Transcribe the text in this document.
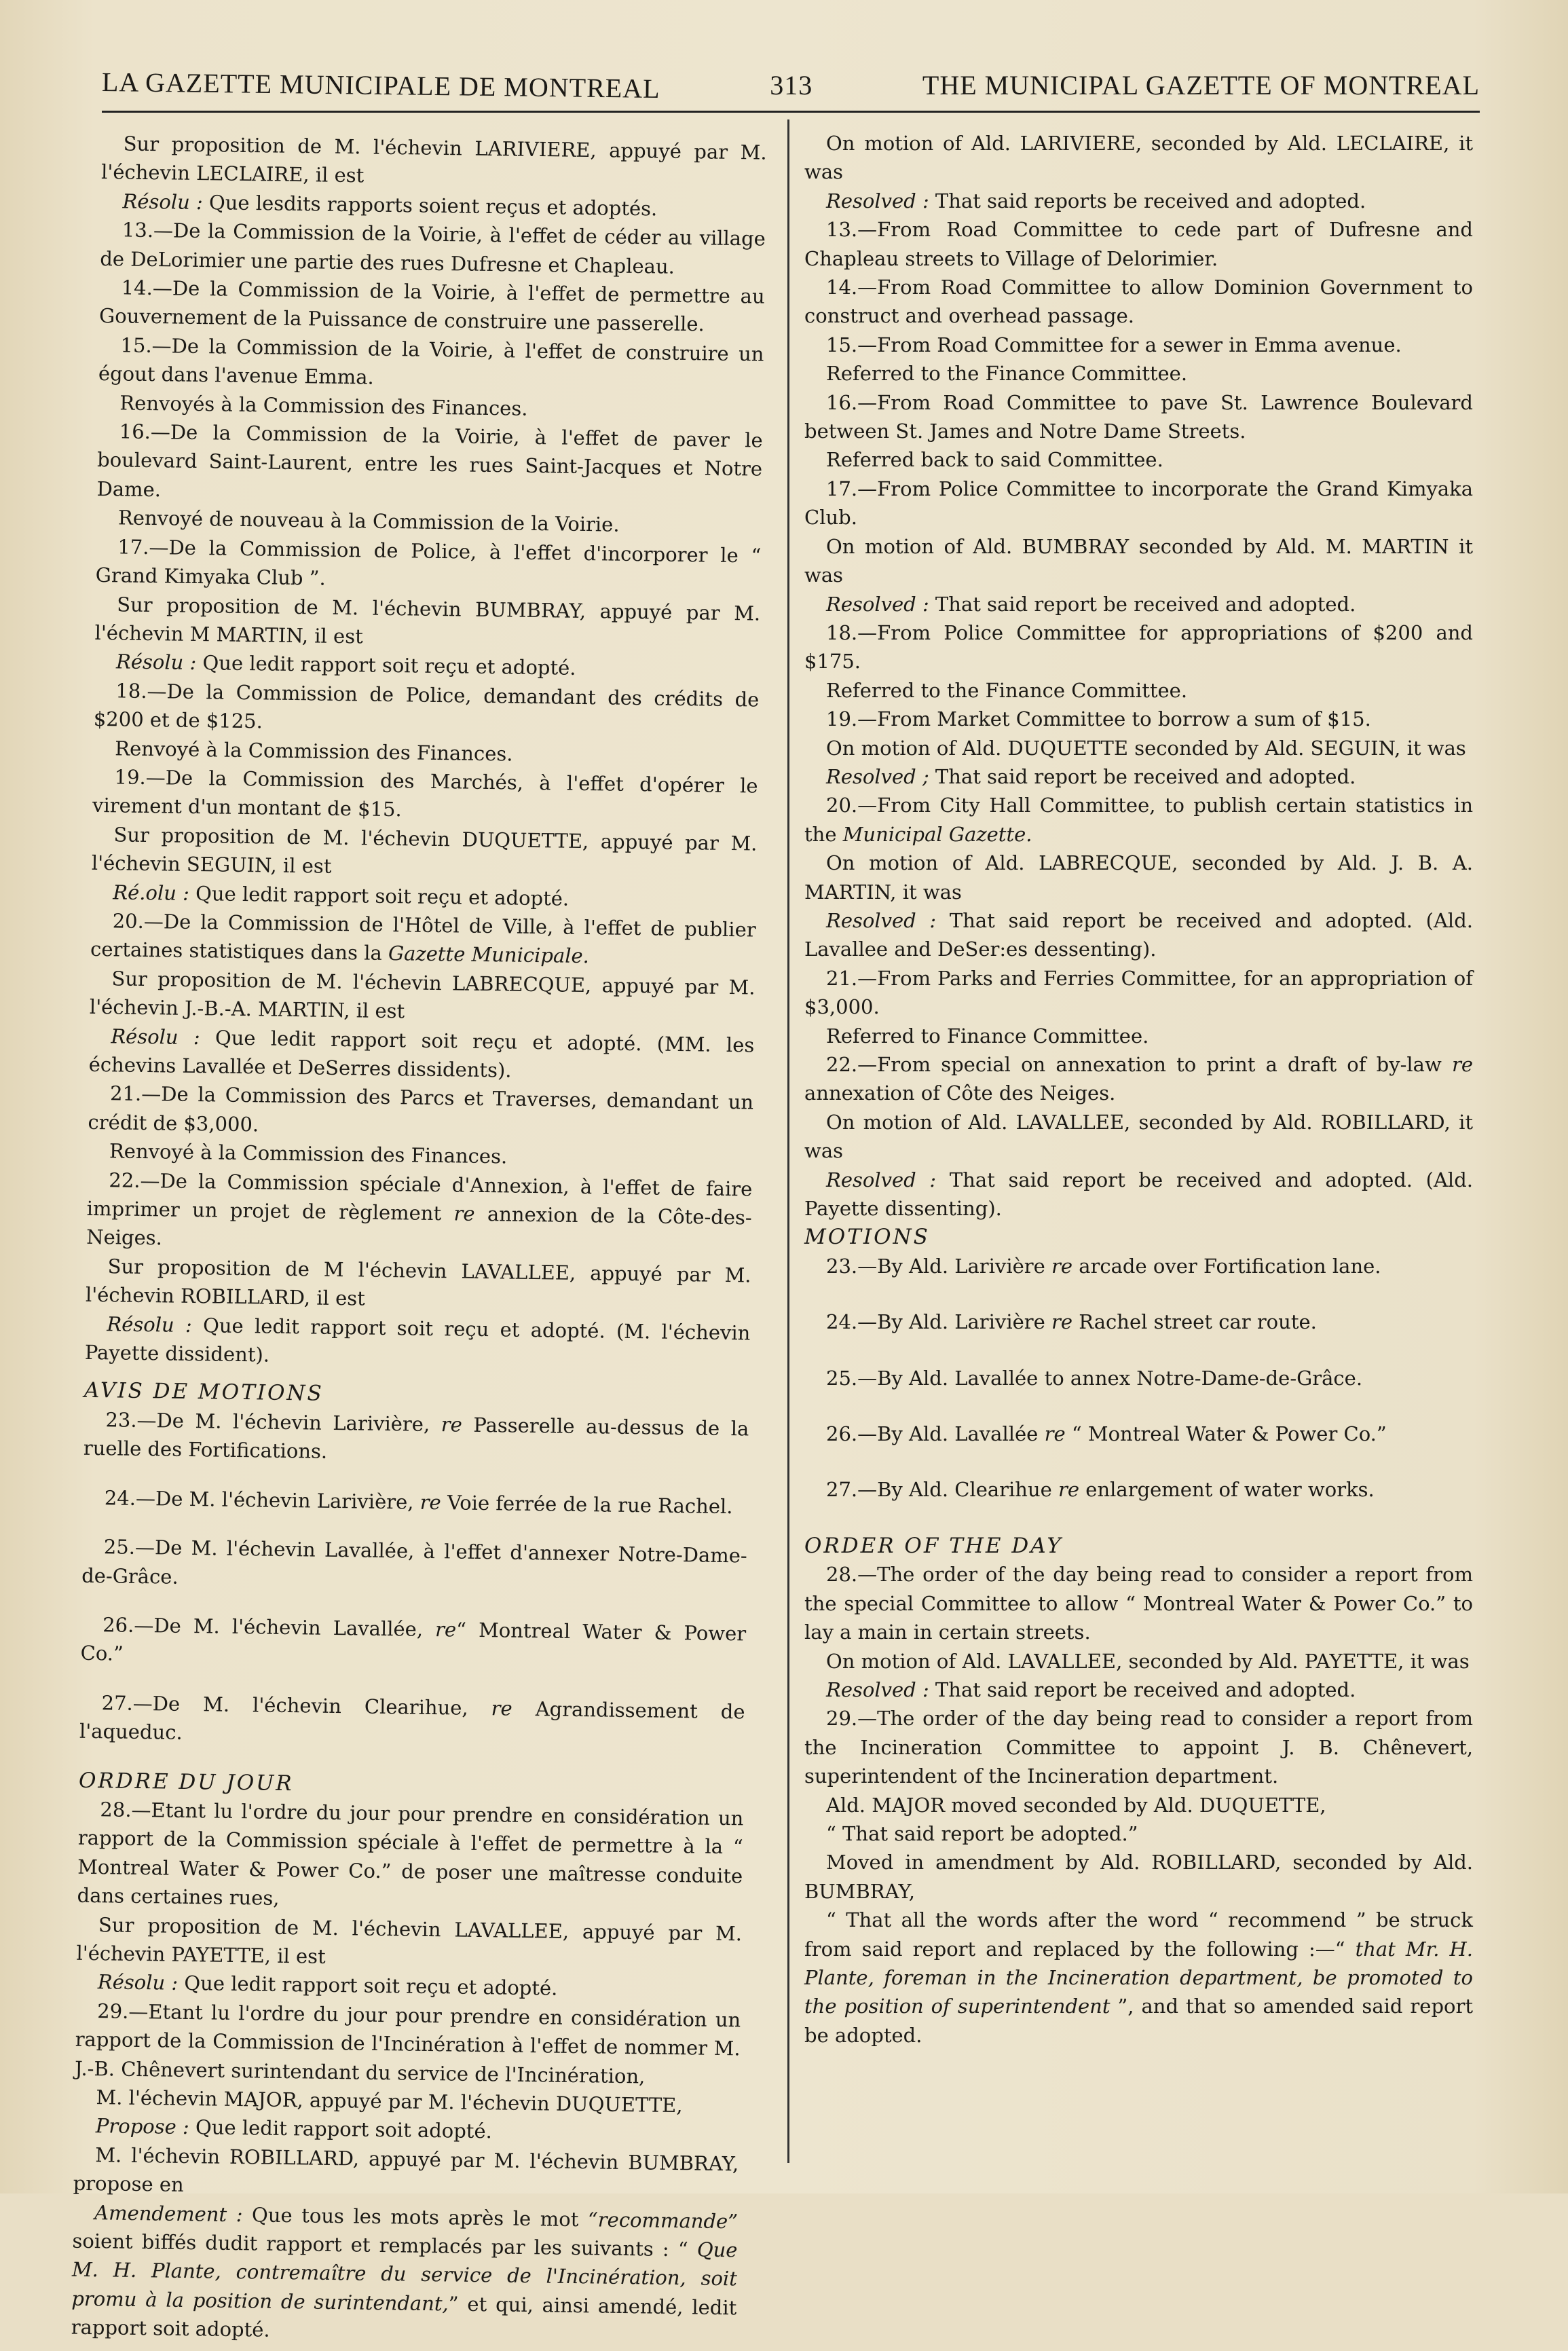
LA GAZETTE MUNICIPALE DE MONTREAL	313	THE MUNICIPAL GAZETTE OF MONTREAL

Sur proposition de M. l'échevin LARIVIERE, appuyé par M. l'échevin LECLAIRE, il est

Résolu : Que lesdits rapports soient reçus et adoptés.

13.—De la Commission de la Voirie, à l'effet de céder au village de DeLorimier une partie des rues Dufresne et Chapleau.

14.—De la Commission de la Voirie, à l'effet de permettre au Gouvernement de la Puissance de construire une passerelle.

15.—De la Commission de la Voirie, à l'effet de construire un égout dans l'avenue Emma.

Renvoyés à la Commission des Finances.

16.—De la Commission de la Voirie, à l'effet de paver le boulevard Saint-Laurent, entre les rues Saint-Jacques et Notre Dame.

Renvoyé de nouveau à la Commission de la Voirie.

17.—De la Commission de Police, à l'effet d'incorporer le “ Grand Kimyaka Club ”.

Sur proposition de M. l'échevin BUMBRAY, appuyé par M. l'échevin M MARTIN, il est

Résolu : Que ledit rapport soit reçu et adopté.

18.—De la Commission de Police, demandant des crédits de $200 et de $125.

Renvoyé à la Commission des Finances.

19.—De la Commission des Marchés, à l'effet d'opérer le virement d'un montant de $15.

Sur proposition de M. l'échevin DUQUETTE, appuyé par M. l'échevin SEGUIN, il est

Ré.olu : Que ledit rapport soit reçu et adopté.

20.—De la Commission de l'Hôtel de Ville, à l'effet de publier certaines statistiques dans la Gazette Municipale.

Sur proposition de M. l'échevin LABRECQUE, appuyé par M. l'échevin J.-B.-A. MARTIN, il est

Résolu : Que ledit rapport soit reçu et adopté. (MM. les échevins Lavallée et DeSerres dissidents).

21.—De la Commission des Parcs et Traverses, demandant un crédit de $3,000.

Renvoyé à la Commission des Finances.

22.—De la Commission spéciale d'Annexion, à l'effet de faire imprimer un projet de règlement re annexion de la Côte-des-Neiges.

Sur proposition de M l'échevin LAVALLEE, appuyé par M. l'échevin ROBILLARD, il est

Résolu : Que ledit rapport soit reçu et adopté. (M. l'échevin Payette dissident).

AVIS DE MOTIONS

23.—De M. l'échevin Larivière, re Passerelle au-dessus de la ruelle des Fortifications.

24.—De M. l'échevin Larivière, re Voie ferrée de la rue Rachel.

25.—De M. l'échevin Lavallée, à l'effet d'annexer Notre-Dame-de-Grâce.

26.—De M. l'échevin Lavallée, re“ Montreal Water & Power Co.”

27.—De M. l'échevin Clearihue, re Agrandissement de l'aqueduc.

ORDRE DU JOUR

28.—Etant lu l'ordre du jour pour prendre en considération un rapport de la Commission spéciale à l'effet de permettre à la “ Montreal Water & Power Co.” de poser une maîtresse conduite dans certaines rues,

Sur proposition de M. l'échevin LAVALLEE, appuyé par M. l'échevin PAYETTE, il est

Résolu : Que ledit rapport soit reçu et adopté.

29.—Etant lu l'ordre du jour pour prendre en considération un rapport de la Commission de l'Incinération à l'effet de nommer M. J.-B. Chênevert surintendant du service de l'Incinération,

M. l'échevin MAJOR, appuyé par M. l'échevin DUQUETTE,

Propose : Que ledit rapport soit adopté.

M. l'échevin ROBILLARD, appuyé par M. l'échevin BUMBRAY, propose en

Amendement : Que tous les mots après le mot “recommande” soient biffés dudit rapport et remplacés par les suivants : “ Que M. H. Plante, contremaître du service de l'Incinération, soit promu à la position de surintendant,” et qui, ainsi amendé, ledit rapport soit adopté.

On motion of Ald. LARIVIERE, seconded by Ald. LECLAIRE, it was

Resolved : That said reports be received and adopted.

13.—From Road Committee to cede part of Dufresne and Chapleau streets to Village of Delorimier.

14.—From Road Committee to allow Dominion Government to construct and overhead passage.

15.—From Road Committee for a sewer in Emma avenue.

Referred to the Finance Committee.

16.—From Road Committee to pave St. Lawrence Boulevard between St. James and Notre Dame Streets.

Referred back to said Committee.

17.—From Police Committee to incorporate the Grand Kimyaka Club.

On motion of Ald. BUMBRAY seconded by Ald. M. MARTIN it was

Resolved : That said report be received and adopted.

18.—From Police Committee for appropriations of $200 and $175.

Referred to the Finance Committee.

19.—From Market Committee to borrow a sum of $15.

On motion of Ald. DUQUETTE seconded by Ald. SEGUIN, it was

Resolved ; That said report be received and adopted.

20.—From City Hall Committee, to publish certain statistics in the Municipal Gazette.

On motion of Ald. LABRECQUE, seconded by Ald. J. B. A. MARTIN, it was

Resolved : That said report be received and adopted. (Ald. Lavallee and DeSer:es dessenting).

21.—From Parks and Ferries Committee, for an appropriation of $3,000.

Referred to Finance Committee.

22.—From special on annexation to print a draft of by-law re annexation of Côte des Neiges.

On motion of Ald. LAVALLEE, seconded by Ald. ROBILLARD, it was

Resolved : That said report be received and adopted. (Ald. Payette dissenting).

MOTIONS

23.—By Ald. Larivière re arcade over Fortification lane.

24.—By Ald. Larivière re Rachel street car route.

25.—By Ald. Lavallée to annex Notre-Dame-de-Grâce.

26.—By Ald. Lavallée re “ Montreal Water & Power Co.”

27.—By Ald. Clearihue re enlargement of water works.

ORDER OF THE DAY

28.—The order of the day being read to consider a report from the special Committee to allow “ Montreal Water & Power Co.” to lay a main in certain streets.

On motion of Ald. LAVALLEE, seconded by Ald. PAYETTE, it was

Resolved : That said report be received and adopted.

29.—The order of the day being read to consider a report from the Incineration Committee to appoint J. B. Chênevert, superintendent of the Incineration department.

Ald. MAJOR moved seconded by Ald. DUQUETTE,

“ That said report be adopted.”

Moved in amendment by Ald. ROBILLARD, seconded by Ald. BUMBRAY,

“ That all the words after the word “ recommend ” be struck from said report and replaced by the following :—“ that Mr. H. Plante, foreman in the Incineration department, be promoted to the position of superintendent ”, and that so amended said report be adopted.
